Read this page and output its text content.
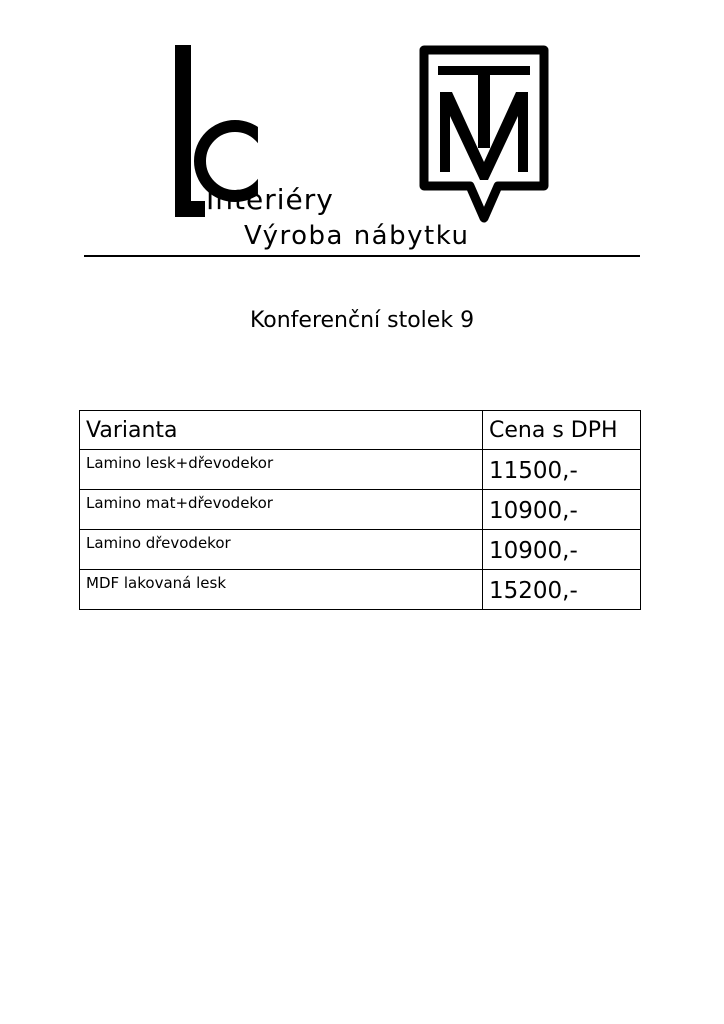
Interiéry
Výroba nábytku
Konferenční stolek 9
Varianta	Cena s DPH
Lamino lesk+dřevodekor	11500,-
Lamino mat+dřevodekor	10900,-
Lamino dřevodekor	10900,-
MDF lakovaná lesk	15200,-
